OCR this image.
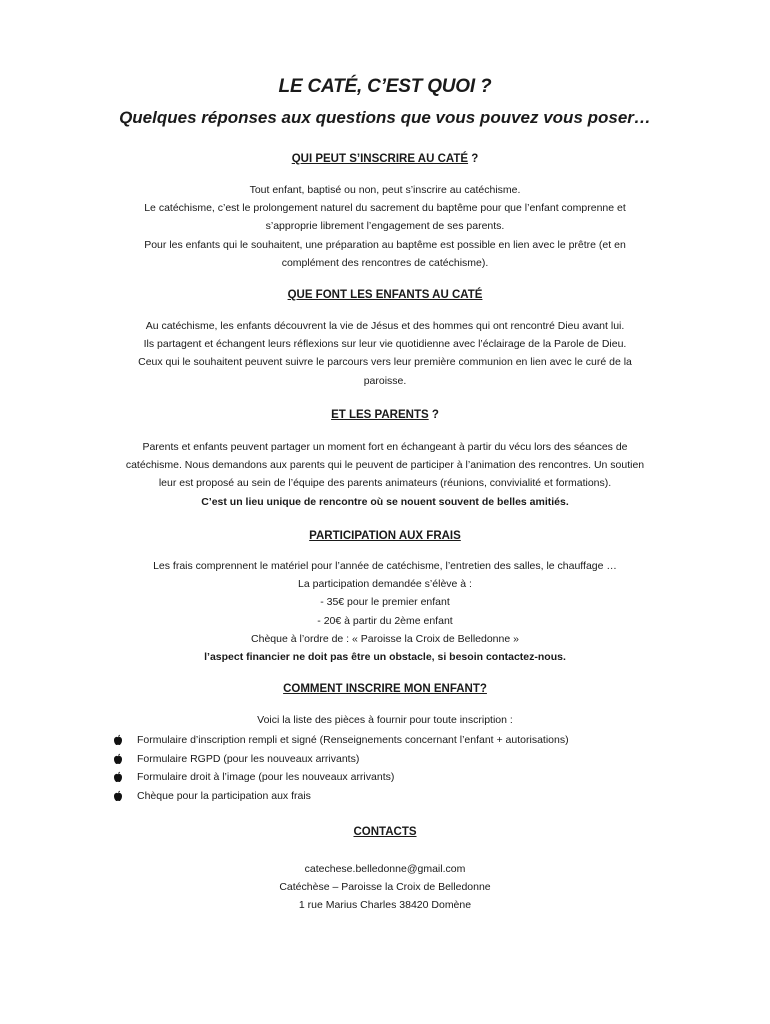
LE CATÉ, C’EST QUOI ?
Quelques réponses aux questions que vous pouvez vous poser…
QUI PEUT S’INSCRIRE AU CATÉ ?
Tout enfant, baptisé ou non, peut s’inscrire au catéchisme.
Le catéchisme, c’est le prolongement naturel du sacrement du baptême pour que l’enfant comprenne et
s’approprie librement l’engagement de ses parents.
Pour les enfants qui le souhaitent, une préparation au baptême est possible en lien avec le prêtre (et en
complément des rencontres de catéchisme).
QUE FONT LES ENFANTS AU CATÉ
Au catéchisme, les enfants découvrent la vie de Jésus et des hommes qui ont rencontré Dieu avant lui.
Ils partagent et échangent leurs réflexions sur leur vie quotidienne avec l’éclairage de la Parole de Dieu.
Ceux qui le souhaitent peuvent suivre le parcours vers leur première communion en lien avec le curé de la
paroisse.
ET LES PARENTS ?
Parents et enfants peuvent partager un moment fort en échangeant à partir du vécu lors des séances de
catéchisme. Nous demandons aux parents qui le peuvent de participer à l’animation des rencontres. Un soutien
leur est proposé au sein de l’équipe des parents animateurs (réunions, convivialité et formations).
C’est un lieu unique de rencontre où se nouent souvent de belles amitiés.
PARTICIPATION AUX FRAIS
Les frais comprennent le matériel pour l’année de catéchisme, l’entretien des salles, le chauffage …
La participation demandée s’élève à :
- 35€ pour le premier enfant
- 20€ à partir du 2ème enfant
Chèque à l’ordre de : « Paroisse la Croix de Belledonne »
l’aspect financier ne doit pas être un obstacle, si besoin contactez-nous.
COMMENT INSCRIRE MON ENFANT?
Voici la liste des pièces à fournir pour toute inscription :
Formulaire d’inscription rempli et signé (Renseignements concernant l’enfant + autorisations)
Formulaire RGPD (pour les nouveaux arrivants)
Formulaire droit à l’image (pour les nouveaux arrivants)
Chèque pour la participation aux frais
CONTACTS
catechese.belledonne@gmail.com
Catéchèse – Paroisse la Croix de Belledonne
1 rue Marius Charles 38420 Domène
